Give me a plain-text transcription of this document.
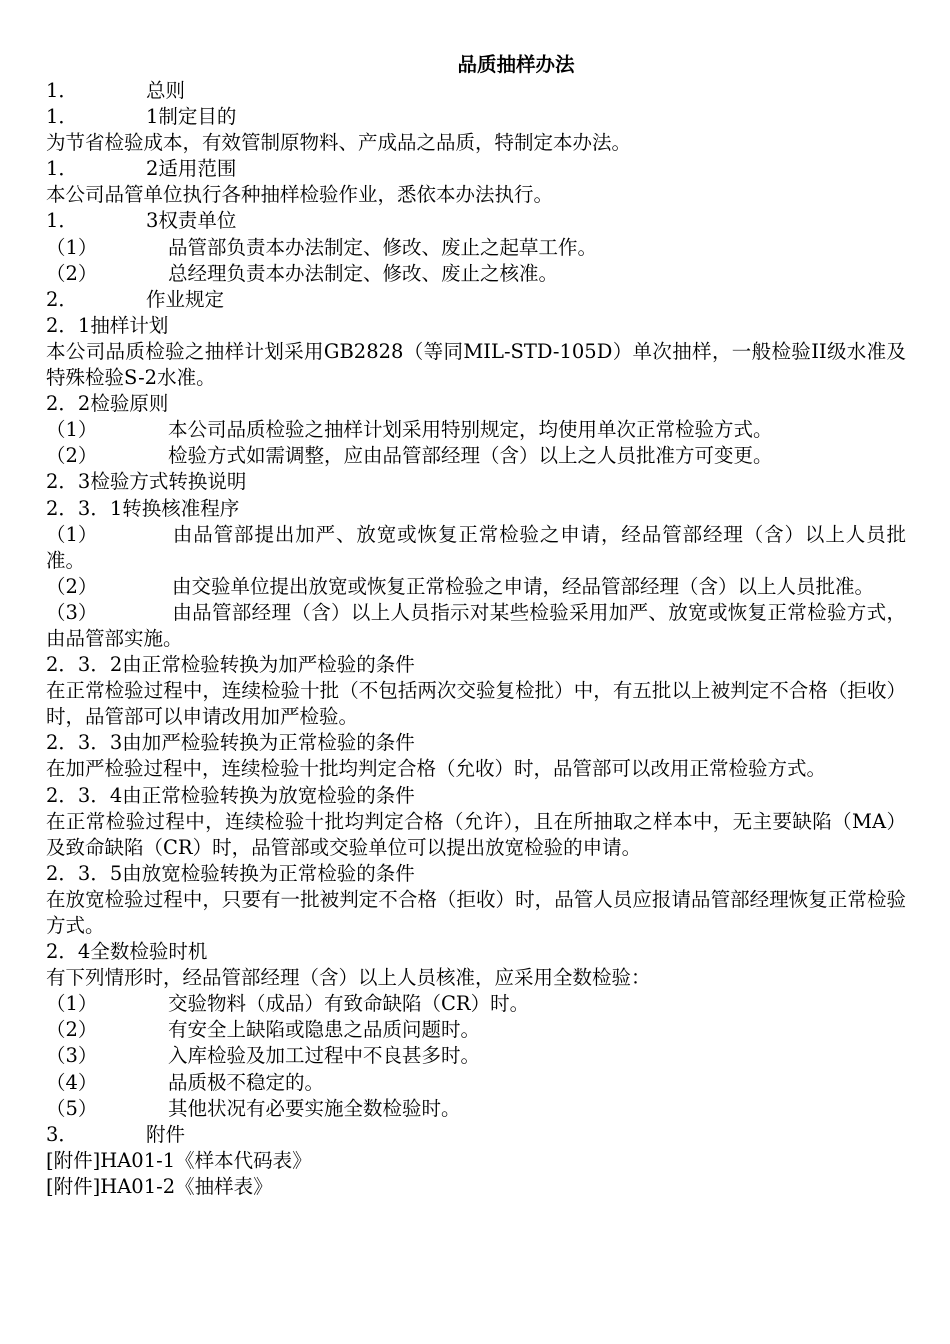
品质抽样办法
1．	总则
1．	1制定目的
为节省检验成本，有效管制原物料、产成品之品质，特制定本办法。
1．	2适用范围
本公司品管单位执行各种抽样检验作业，悉依本办法执行。
1．	3权责单位
（1）	品管部负责本办法制定、修改、废止之起草工作。
（2）	总经理负责本办法制定、修改、废止之核准。
2．	作业规定
2．1抽样计划
本公司品质检验之抽样计划采用GB2828（等同MIL-STD-105D）单次抽样，一般检验II级水准及特殊检验S-2水准。
2．2检验原则
（1）	本公司品质检验之抽样计划采用特别规定，均使用单次正常检验方式。
（2）	检验方式如需调整，应由品管部经理（含）以上之人员批准方可变更。
2．3检验方式转换说明
2．3．1转换核准程序
（1）	由品管部提出加严、放宽或恢复正常检验之申请，经品管部经理（含）以上人员批准。
（2）	由交验单位提出放宽或恢复正常检验之申请，经品管部经理（含）以上人员批准。
（3）	由品管部经理（含）以上人员指示对某些检验采用加严、放宽或恢复正常检验方式，由品管部实施。
2．3．2由正常检验转换为加严检验的条件
在正常检验过程中，连续检验十批（不包括两次交验复检批）中，有五批以上被判定不合格（拒收）时，品管部可以申请改用加严检验。
2．3．3由加严检验转换为正常检验的条件
在加严检验过程中，连续检验十批均判定合格（允收）时，品管部可以改用正常检验方式。
2．3．4由正常检验转换为放宽检验的条件
在正常检验过程中，连续检验十批均判定合格（允许），且在所抽取之样本中，无主要缺陷（MA）及致命缺陷（CR）时，品管部或交验单位可以提出放宽检验的申请。
2．3．5由放宽检验转换为正常检验的条件
在放宽检验过程中，只要有一批被判定不合格（拒收）时，品管人员应报请品管部经理恢复正常检验方式。
2．4全数检验时机
有下列情形时，经品管部经理（含）以上人员核准，应采用全数检验：
（1）	交验物料（成品）有致命缺陷（CR）时。
（2）	有安全上缺陷或隐患之品质问题时。
（3）	入库检验及加工过程中不良甚多时。
（4）	品质极不稳定的。
（5）	其他状况有必要实施全数检验时。
3．	附件
[附件]HA01-1《样本代码表》
[附件]HA01-2《抽样表》
